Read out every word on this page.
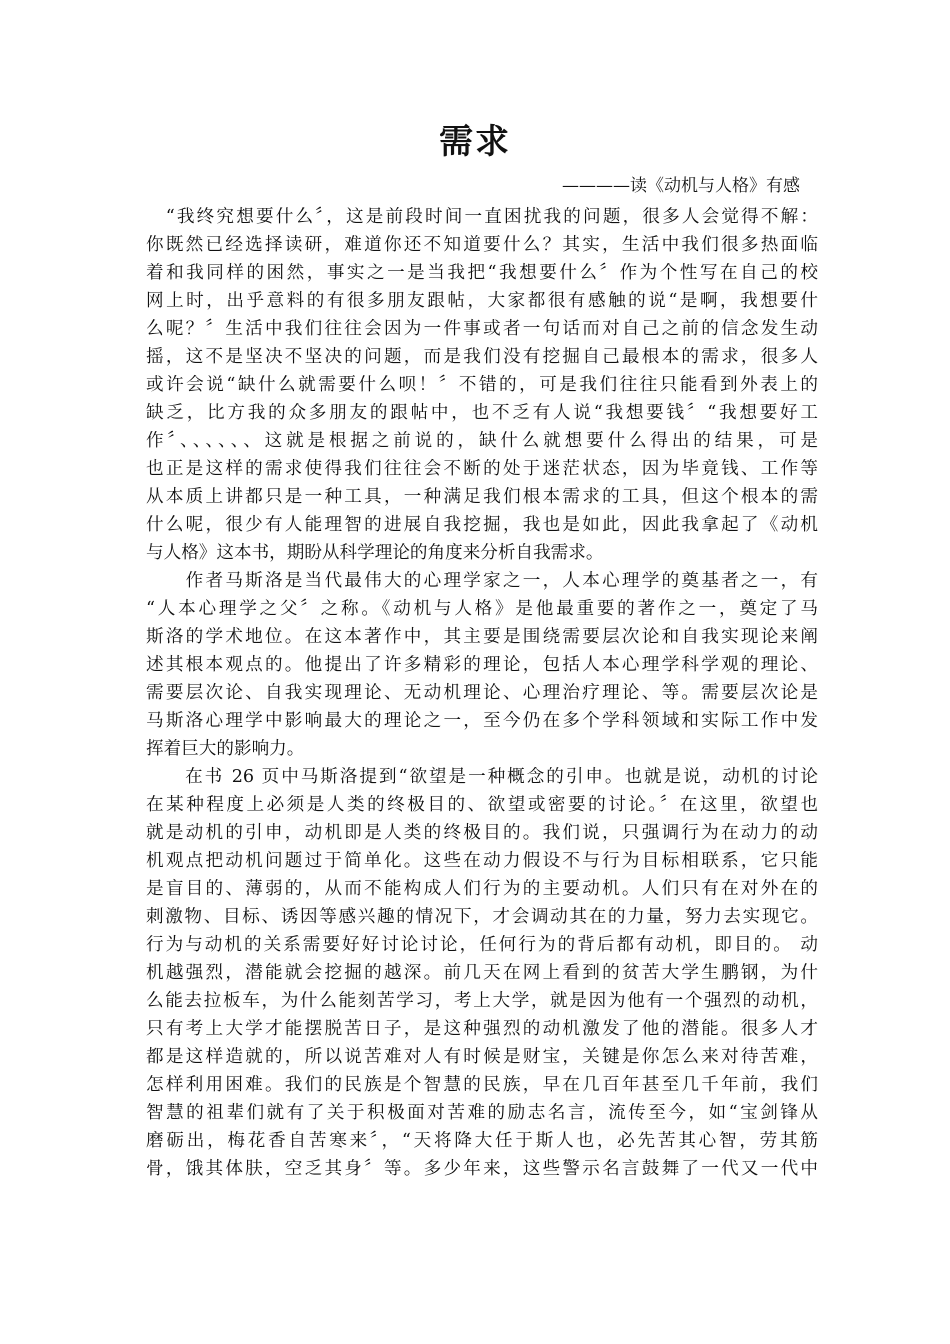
需求
————读《动机与人格》有感
　“我终究想要什么〞，这是前段时间一直困扰我的问题，很多人会觉得不解：
你既然已经选择读研，难道你还不知道要什么？其实，生活中我们很多热面临
着和我同样的困然，事实之一是当我把“我想要什么〞作为个性写在自己的校
网上时，出乎意料的有很多朋友跟帖，大家都很有感触的说“是啊，我想要什
么呢？〞生活中我们往往会因为一件事或者一句话而对自己之前的信念发生动
摇，这不是坚决不坚决的问题，而是我们没有挖掘自己最根本的需求，很多人
或许会说“缺什么就需要什么呗！〞不错的，可是我们往往只能看到外表上的
缺乏，比方我的众多朋友的跟帖中，也不乏有人说“我想要钱〞“我想要好工
作〞、、、、、、这就是根据之前说的，缺什么就想要什么得出的结果，可是
也正是这样的需求使得我们往往会不断的处于迷茫状态，因为毕竟钱、工作等
从本质上讲都只是一种工具，一种满足我们根本需求的工具，但这个根本的需
什么呢，很少有人能理智的进展自我挖掘，我也是如此，因此我拿起了《动机
与人格》这本书，期盼从科学理论的角度来分析自我需求。
　　作者马斯洛是当代最伟大的心理学家之一，人本心理学的奠基者之一，有
“人本心理学之父〞之称。《动机与人格》是他最重要的著作之一，奠定了马
斯洛的学术地位。在这本著作中，其主要是围绕需要层次论和自我实现论来阐
述其根本观点的。他提出了许多精彩的理论，包括人本心理学科学观的理论、
需要层次论、自我实现理论、无动机理论、心理治疗理论、等。需要层次论是
马斯洛心理学中影响最大的理论之一，至今仍在多个学科领域和实际工作中发
挥着巨大的影响力。
　　在书 26 页中马斯洛提到“欲望是一种概念的引申。也就是说，动机的讨论
在某种程度上必须是人类的终极目的、欲望或密要的讨论。〞在这里，欲望也
就是动机的引申，动机即是人类的终极目的。我们说，只强调行为在动力的动
机观点把动机问题过于简单化。这些在动力假设不与行为目标相联系，它只能
是盲目的、薄弱的，从而不能构成人们行为的主要动机。人们只有在对外在的
刺激物、目标、诱因等感兴趣的情况下，才会调动其在的力量，努力去实现它。
行为与动机的关系需要好好讨论讨论，任何行为的背后都有动机，即目的。 动
机越强烈，潜能就会挖掘的越深。前几天在网上看到的贫苦大学生鹏钢，为什
么能去拉板车，为什么能刻苦学习，考上大学，就是因为他有一个强烈的动机，
只有考上大学才能摆脱苦日子，是这种强烈的动机激发了他的潜能。很多人才
都是这样造就的，所以说苦难对人有时候是财宝，关键是你怎么来对待苦难，
怎样利用困难。我们的民族是个智慧的民族，早在几百年甚至几千年前，我们
智慧的祖辈们就有了关于积极面对苦难的励志名言，流传至今，如“宝剑锋从
磨砺出，梅花香自苦寒来〞，“天将降大任于斯人也，必先苦其心智，劳其筋
骨，饿其体肤，空乏其身〞等。多少年来，这些警示名言鼓舞了一代又一代中
